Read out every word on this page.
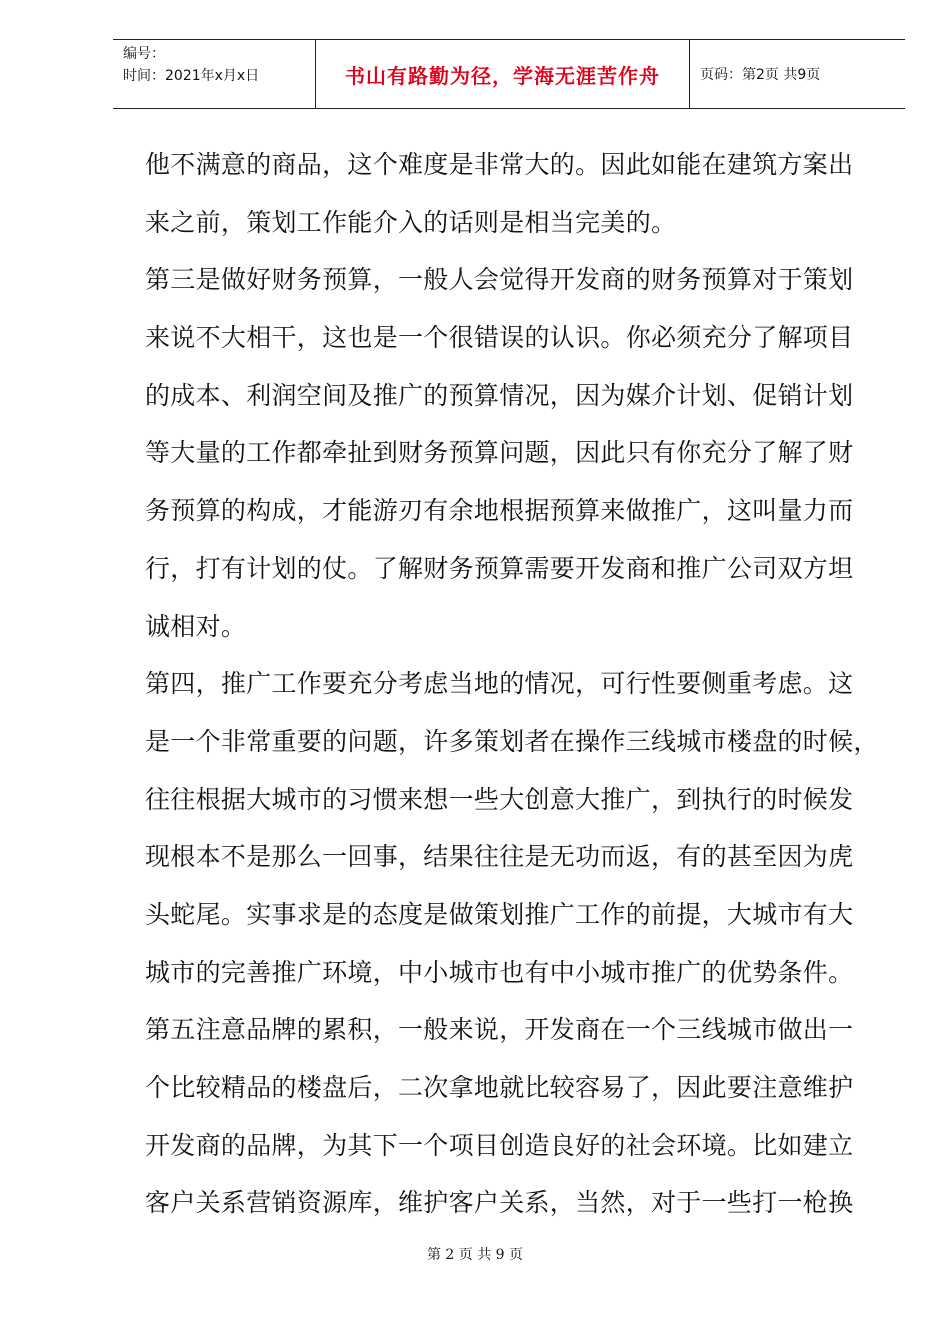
编号：
时间：2021年x月x日	书山有路勤为径，学海无涯苦作舟	页码：第2页 共9页
他不满意的商品，这个难度是非常大的。因此如能在建筑方案出
来之前，策划工作能介入的话则是相当完美的。
第三是做好财务预算，一般人会觉得开发商的财务预算对于策划
来说不大相干，这也是一个很错误的认识。你必须充分了解项目
的成本、利润空间及推广的预算情况，因为媒介计划、促销计划
等大量的工作都牵扯到财务预算问题，因此只有你充分了解了财
务预算的构成，才能游刃有余地根据预算来做推广，这叫量力而
行，打有计划的仗。了解财务预算需要开发商和推广公司双方坦
诚相对。
第四，推广工作要充分考虑当地的情况，可行性要侧重考虑。这
是一个非常重要的问题，许多策划者在操作三线城市楼盘的时候，
往往根据大城市的习惯来想一些大创意大推广，到执行的时候发
现根本不是那么一回事，结果往往是无功而返，有的甚至因为虎
头蛇尾。实事求是的态度是做策划推广工作的前提，大城市有大
城市的完善推广环境，中小城市也有中小城市推广的优势条件。
第五注意品牌的累积，一般来说，开发商在一个三线城市做出一
个比较精品的楼盘后，二次拿地就比较容易了，因此要注意维护
开发商的品牌，为其下一个项目创造良好的社会环境。比如建立
客户关系营销资源库，维护客户关系，当然，对于一些打一枪换
第 2 页 共 9 页
